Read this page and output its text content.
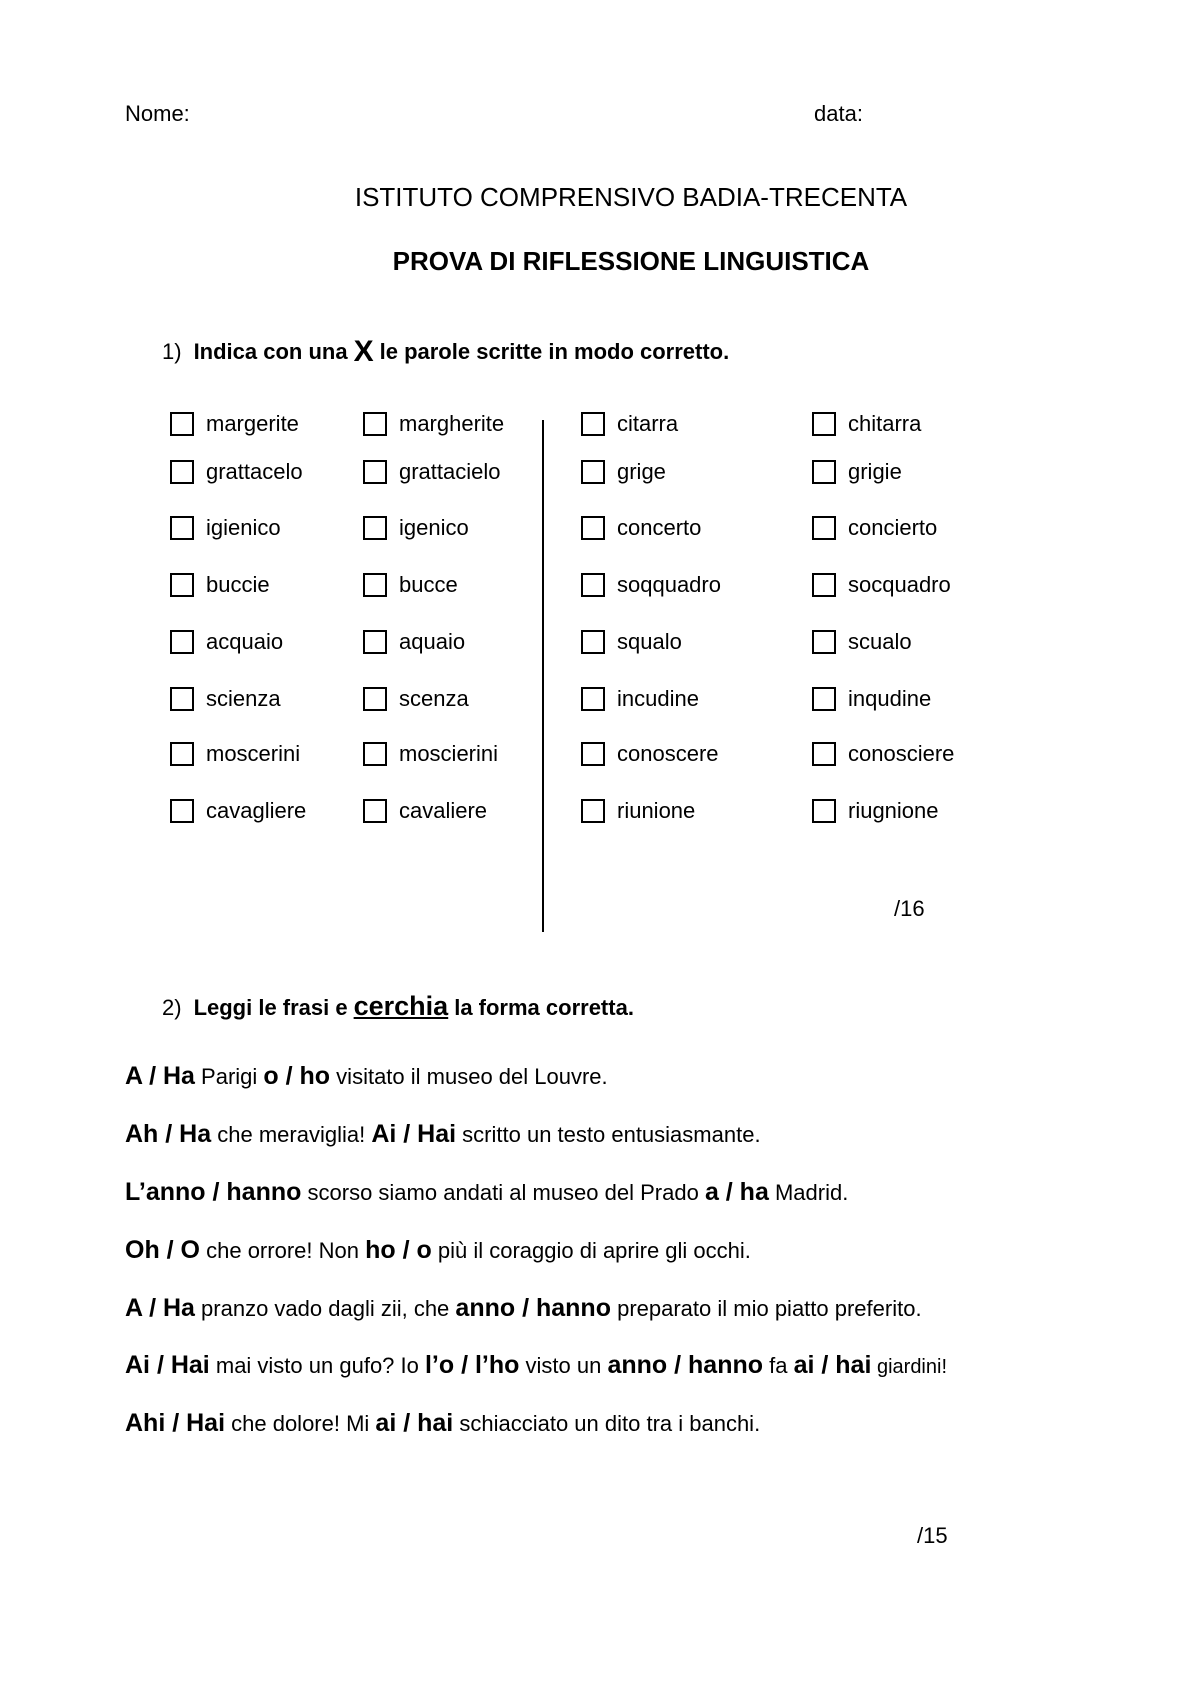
Nome:	data:
ISTITUTO COMPRENSIVO BADIA-TRECENTA
PROVA DI RIFLESSIONE LINGUISTICA
1) Indica con una X le parole scritte in modo corretto.
margerite
grattacelo
igienico
buccie
acquaio
scienza
moscerini
cavagliere
margherite
grattacielo
igenico
bucce
aquaio
scenza
moscierini
cavaliere
citarra
grige
concerto
soqquadro
squalo
incudine
conoscere
riunione
chitarra
grigie
concierto
socquadro
scualo
inqudine
conosciere
riugnione
/16
2) Leggi le frasi e cerchia la forma corretta.
A / Ha Parigi o / ho visitato il museo del Louvre.
Ah / Ha che meraviglia! Ai / Hai scritto un testo entusiasmante.
L’anno / hanno scorso siamo andati al museo del Prado a / ha Madrid.
Oh / O che orrore! Non ho / o più il coraggio di aprire gli occhi.
A / Ha pranzo vado dagli zii, che anno / hanno preparato il mio piatto preferito.
Ai / Hai mai visto un gufo? Io l’o / l’ho visto un anno / hanno fa ai / hai giardini!
Ahi / Hai che dolore! Mi ai / hai schiacciato un dito tra i banchi.
/15
